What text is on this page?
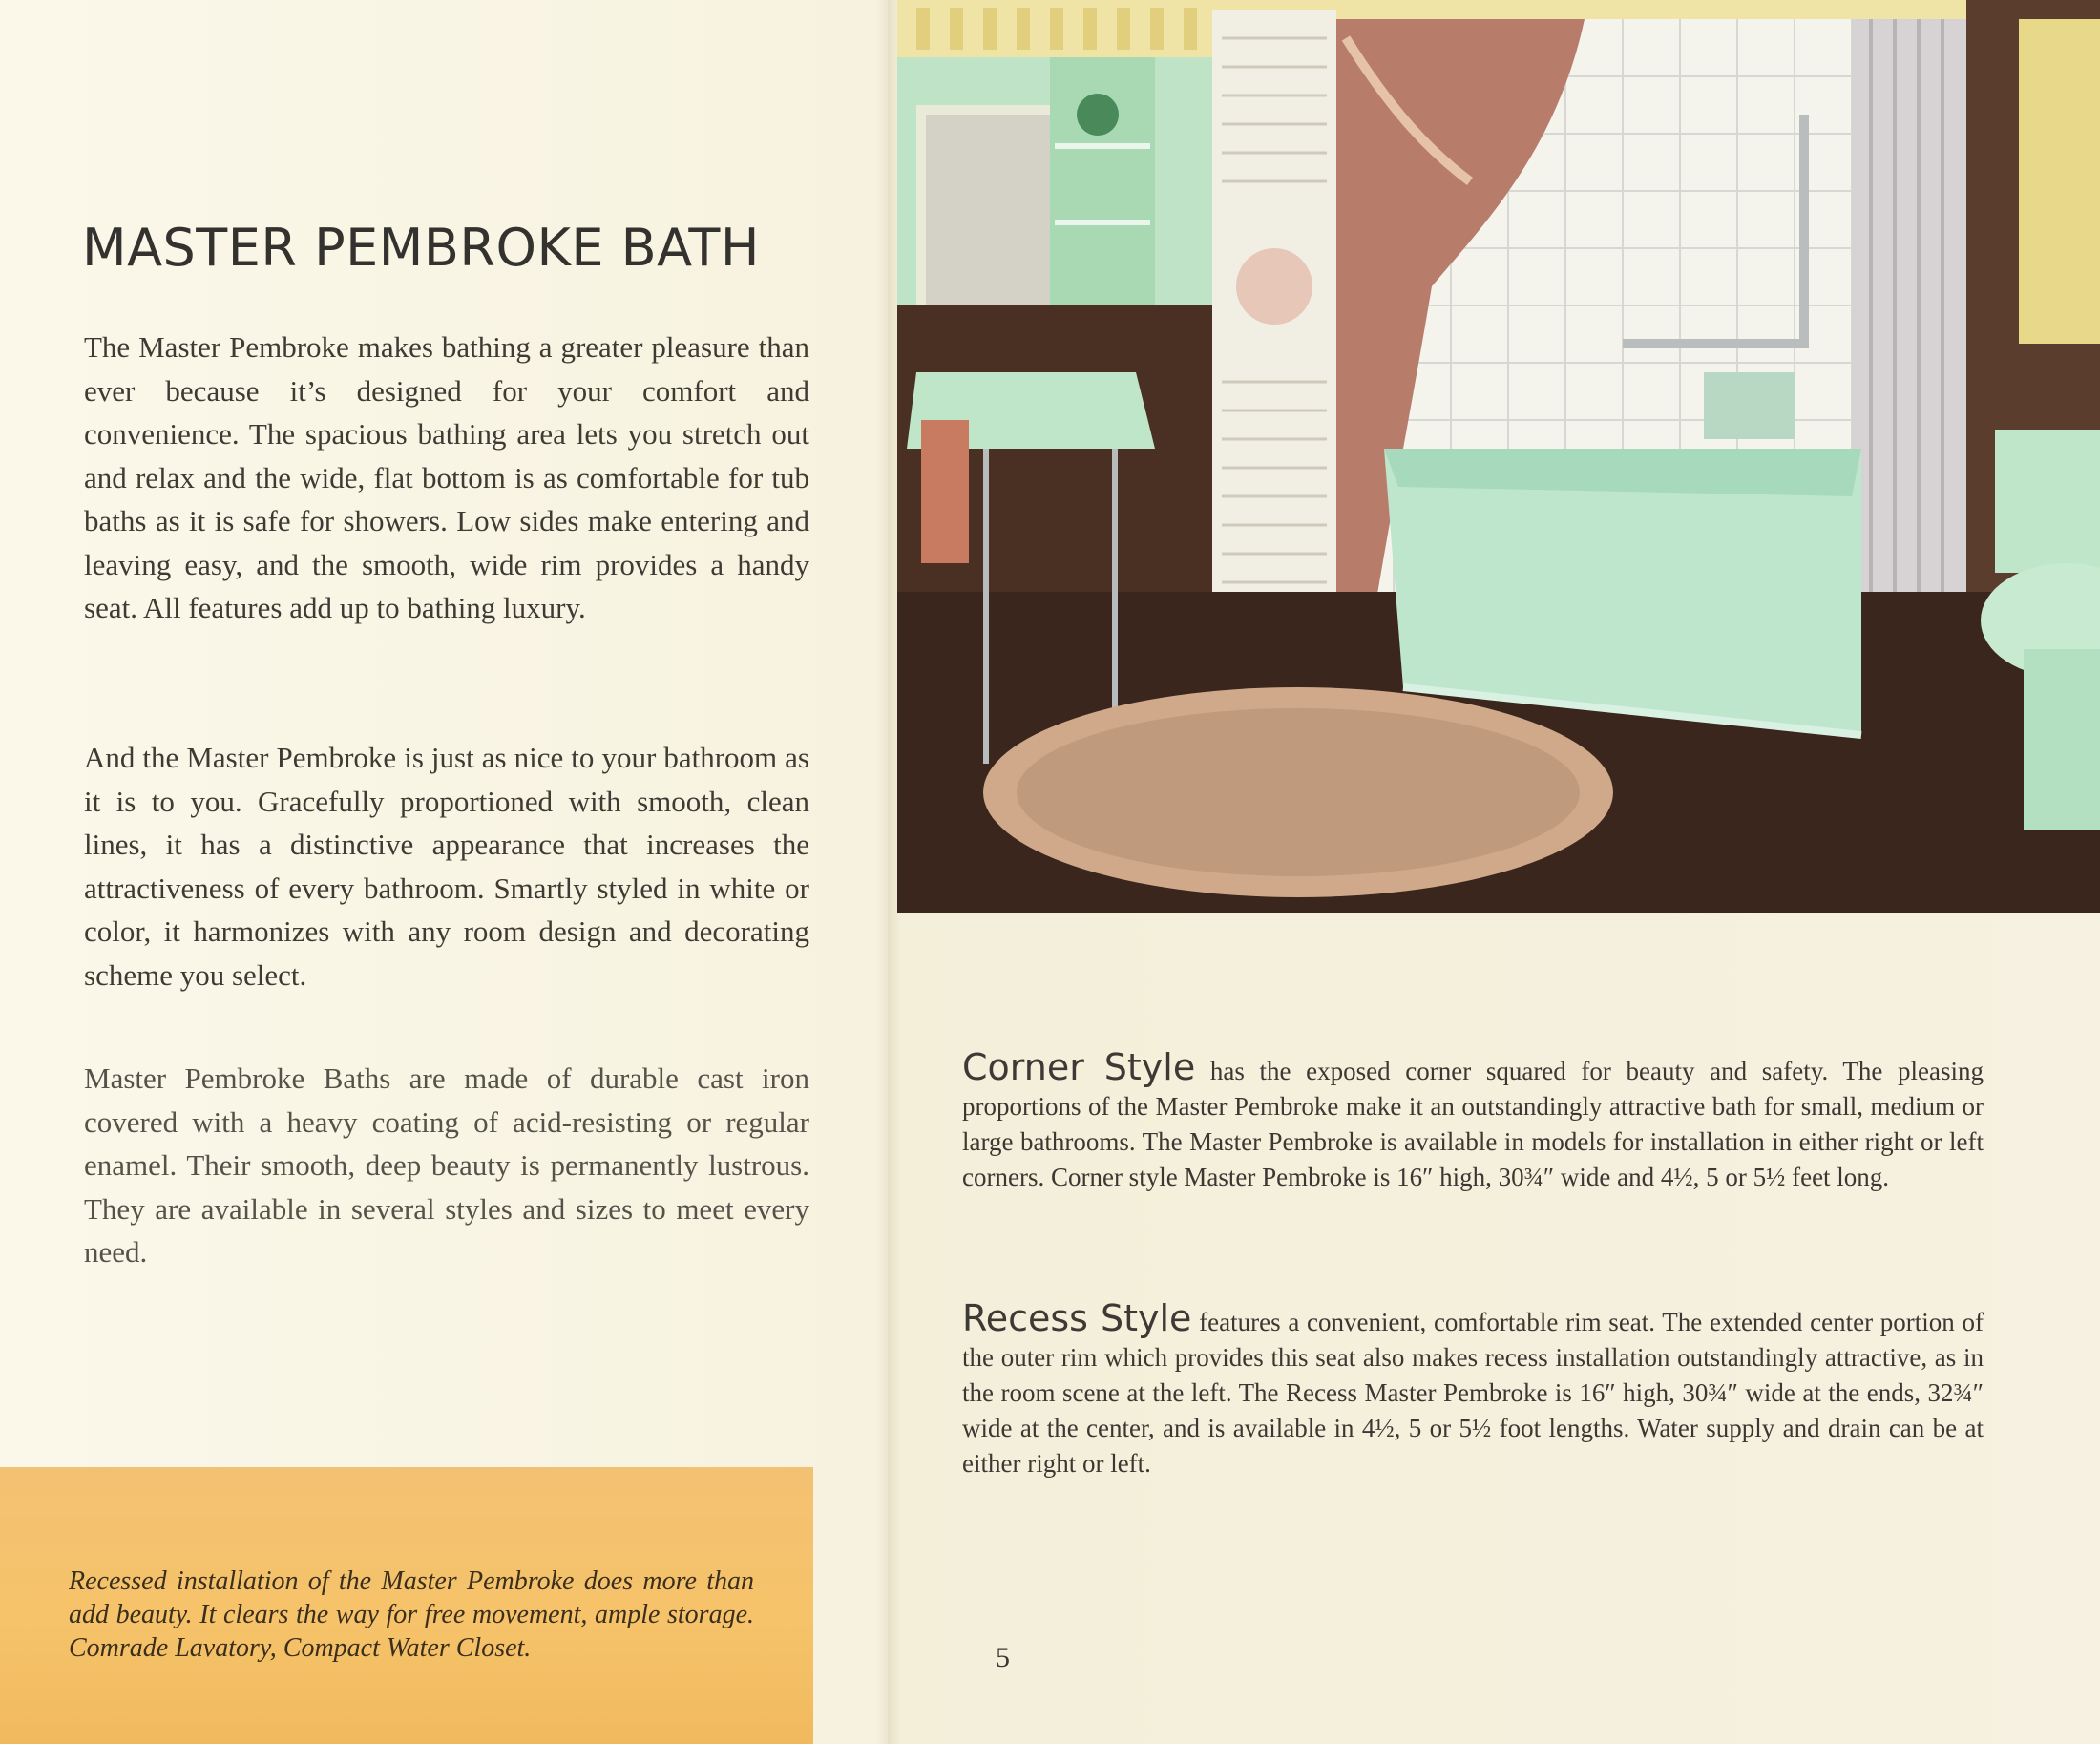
MASTER PEMBROKE BATH

The Master Pembroke makes bathing a greater pleasure than ever because it’s designed for your comfort and convenience. The spacious bathing area lets you stretch out and relax and the wide, flat bottom is as comfortable for tub baths as it is safe for showers. Low sides make entering and leaving easy, and the smooth, wide rim provides a handy seat. All features add up to bathing luxury.

And the Master Pembroke is just as nice to your bathroom as it is to you. Gracefully proportioned with smooth, clean lines, it has a distinctive appearance that increases the attractiveness of every bathroom. Smartly styled in white or color, it harmonizes with any room design and decorating scheme you select.

Master Pembroke Baths are made of durable cast iron covered with a heavy coating of acid-resisting or regular enamel. Their smooth, deep beauty is permanently lustrous. They are available in several styles and sizes to meet every need.

Recessed installation of the Master Pembroke does more than add beauty. It clears the way for free movement, ample storage. Comrade Lavatory, Compact Water Closet.

Corner Style has the exposed corner squared for beauty and safety. The pleasing proportions of the Master Pembroke make it an outstandingly attractive bath for small, medium or large bathrooms. The Master Pembroke is available in models for installation in either right or left corners. Corner style Master Pembroke is 16″ high, 30¾″ wide and 4½, 5 or 5½ feet long.

Recess Style features a convenient, comfortable rim seat. The extended center portion of the outer rim which provides this seat also makes recess installation outstandingly attractive, as in the room scene at the left. The Recess Master Pembroke is 16″ high, 30¾″ wide at the ends, 32¾″ wide at the center, and is available in 4½, 5 or 5½ foot lengths. Water supply and drain can be at either right or left.

5
